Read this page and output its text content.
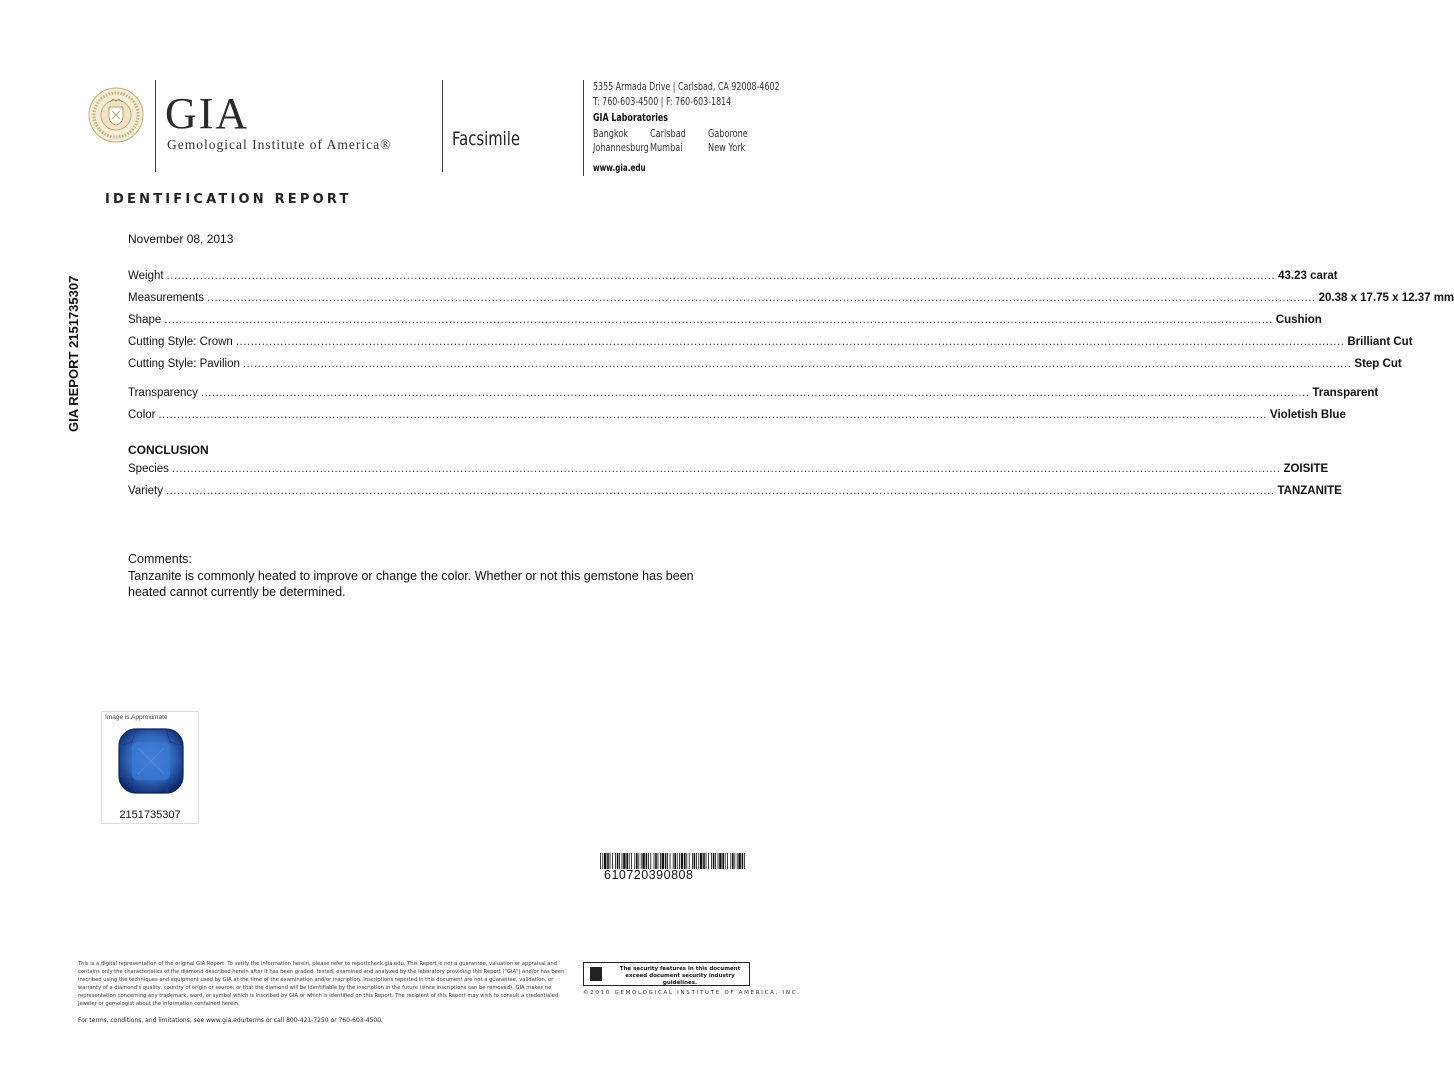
GIA
Gemological Institute of America®	Facsimile
5355 Armada Drive | Carlsbad, CA 92008-4602
T: 760-603-4500 | F: 760-603-1814
GIA Laboratories
Bangkok Carlsbad Gaborone
Johannesburg Mumbai New York
www.gia.edu
IDENTIFICATION REPORT
GIA REPORT 2151735307
November 08, 2013
Weight ............................................................................................................................................................................................................................................................................................................ 43.23 carat
Measurements ............................................................................................................................................................................................................................................................................................................ 20.38 x 17.75 x 12.37 mm
Shape ............................................................................................................................................................................................................................................................................................................ Cushion
Cutting Style: Crown ............................................................................................................................................................................................................................................................................................................ Brilliant Cut
Cutting Style: Pavilion ............................................................................................................................................................................................................................................................................................................ Step Cut
Transparency ............................................................................................................................................................................................................................................................................................................ Transparent
Color ............................................................................................................................................................................................................................................................................................................ Violetish Blue
CONCLUSION
Species ............................................................................................................................................................................................................................................................................................................ ZOISITE
Variety ............................................................................................................................................................................................................................................................................................................ TANZANITE
Comments:
Tanzanite is commonly heated to improve or change the color. Whether or not this gemstone has been heated cannot currently be determined.
Image is Approximate
2151735307
610720390808
This is a digital representation of the original GIA Report. To verify the information herein, please refer to reportcheck.gia.edu. This Report is not a guarantee, valuation or appraisal and contains only the characteristics of the diamond described herein after it has been graded, tested, examined and analyzed by the laboratory providing this Report ("GIA") and/or has been inscribed using the techniques and equipment used by GIA at the time of the examination and/or inscription. Inscriptions reported in this document are not a guarantee, validation, or warranty of a diamond's quality, country of origin or source; or that the diamond will be identifiable by the inscription in the future (since inscriptions can be removed). GIA makes no representation concerning any trademark, word, or symbol which is inscribed by GIA or which is identified on this Report. The recipient of this Report may wish to consult a credentialed jeweler or gemologist about the information contained herein.
For terms, conditions, and limitations, see www.gia.edu/terms or call 800-421-7250 or 760-603-4500.
The security features in this document exceed document security industry guidelines.
©2010 GEMOLOGICAL INSTITUTE OF AMERICA, INC.
